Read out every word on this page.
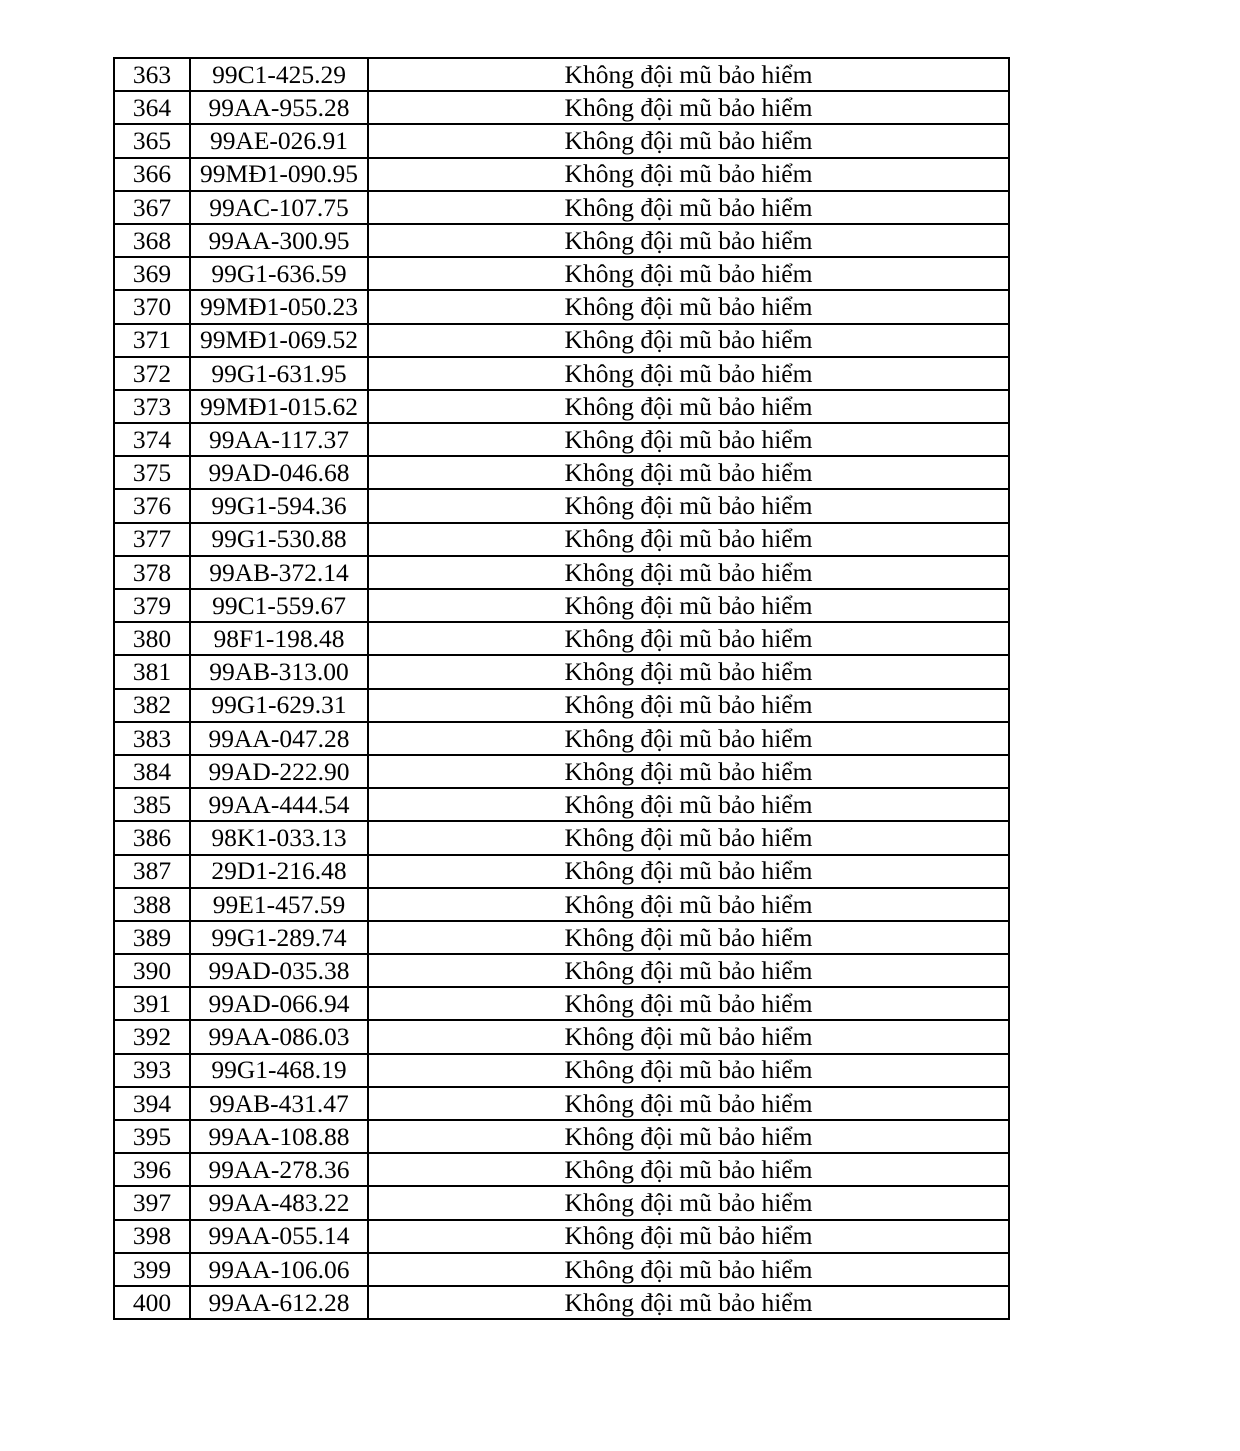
363	99C1-425.29	Không đội mũ bảo hiểm
364	99AA-955.28	Không đội mũ bảo hiểm
365	99AE-026.91	Không đội mũ bảo hiểm
366	99MĐ1-090.95	Không đội mũ bảo hiểm
367	99AC-107.75	Không đội mũ bảo hiểm
368	99AA-300.95	Không đội mũ bảo hiểm
369	99G1-636.59	Không đội mũ bảo hiểm
370	99MĐ1-050.23	Không đội mũ bảo hiểm
371	99MĐ1-069.52	Không đội mũ bảo hiểm
372	99G1-631.95	Không đội mũ bảo hiểm
373	99MĐ1-015.62	Không đội mũ bảo hiểm
374	99AA-117.37	Không đội mũ bảo hiểm
375	99AD-046.68	Không đội mũ bảo hiểm
376	99G1-594.36	Không đội mũ bảo hiểm
377	99G1-530.88	Không đội mũ bảo hiểm
378	99AB-372.14	Không đội mũ bảo hiểm
379	99C1-559.67	Không đội mũ bảo hiểm
380	98F1-198.48	Không đội mũ bảo hiểm
381	99AB-313.00	Không đội mũ bảo hiểm
382	99G1-629.31	Không đội mũ bảo hiểm
383	99AA-047.28	Không đội mũ bảo hiểm
384	99AD-222.90	Không đội mũ bảo hiểm
385	99AA-444.54	Không đội mũ bảo hiểm
386	98K1-033.13	Không đội mũ bảo hiểm
387	29D1-216.48	Không đội mũ bảo hiểm
388	99E1-457.59	Không đội mũ bảo hiểm
389	99G1-289.74	Không đội mũ bảo hiểm
390	99AD-035.38	Không đội mũ bảo hiểm
391	99AD-066.94	Không đội mũ bảo hiểm
392	99AA-086.03	Không đội mũ bảo hiểm
393	99G1-468.19	Không đội mũ bảo hiểm
394	99AB-431.47	Không đội mũ bảo hiểm
395	99AA-108.88	Không đội mũ bảo hiểm
396	99AA-278.36	Không đội mũ bảo hiểm
397	99AA-483.22	Không đội mũ bảo hiểm
398	99AA-055.14	Không đội mũ bảo hiểm
399	99AA-106.06	Không đội mũ bảo hiểm
400	99AA-612.28	Không đội mũ bảo hiểm
